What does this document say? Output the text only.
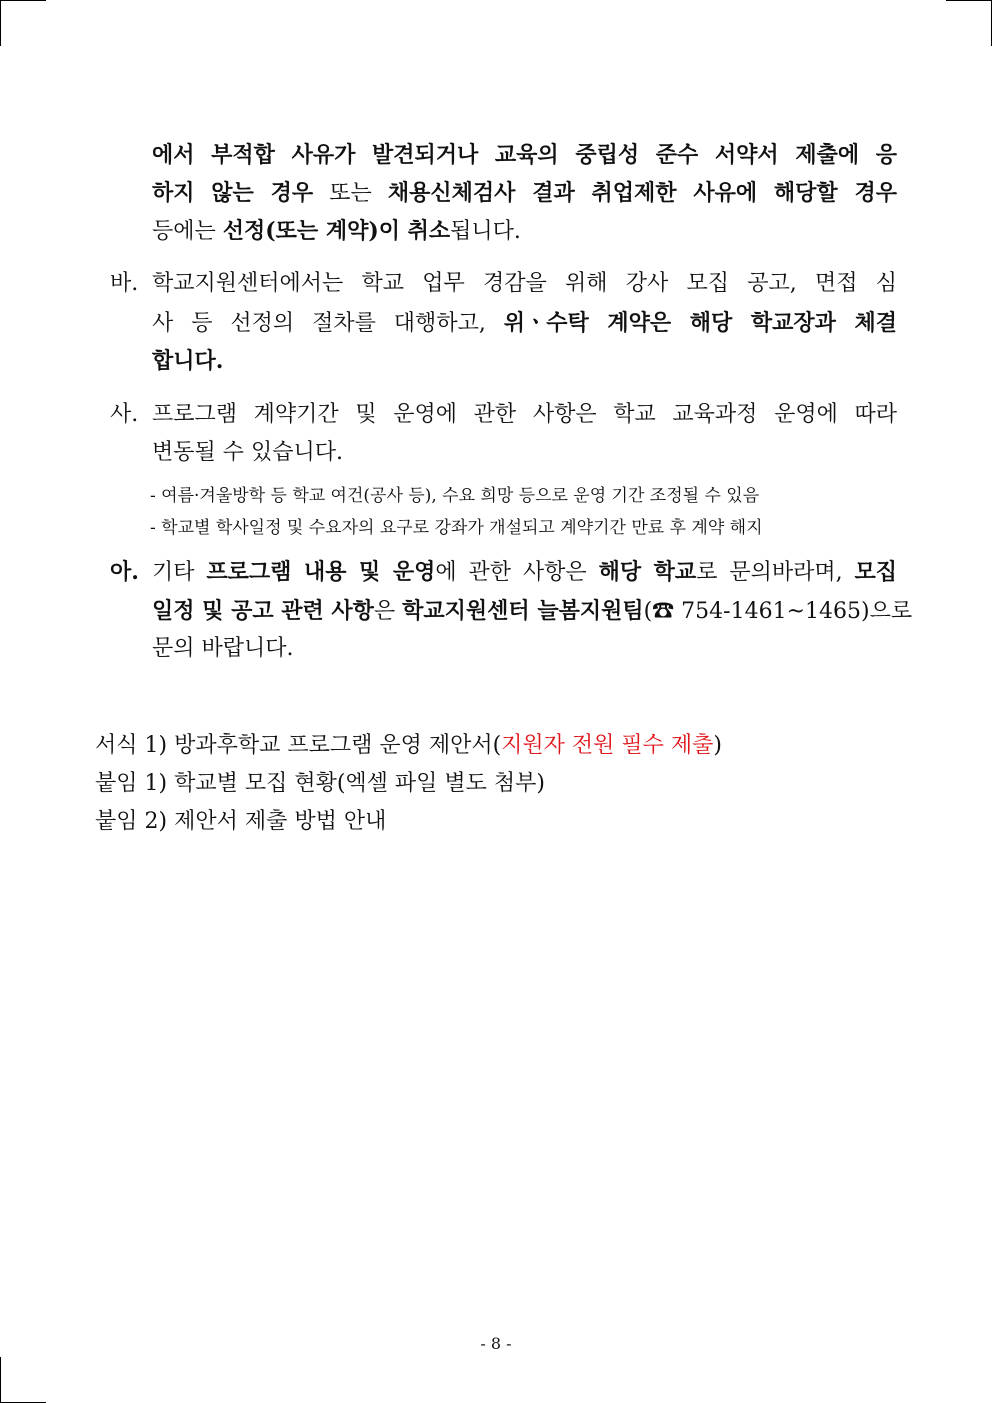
에서 부적합 사유가 발견되거나 교육의 중립성 준수 서약서 제출에 응
하지 않는 경우 또는 채용신체검사 결과 취업제한 사유에 해당할 경우
등에는 선정(또는 계약)이 취소됩니다.
바. 학교지원센터에서는 학교 업무 경감을 위해 강사 모집 공고, 면접 심
사 등 선정의 절차를 대행하고, 위ㆍ수탁 계약은 해당 학교장과 체결
합니다.
사. 프로그램 계약기간 및 운영에 관한 사항은 학교 교육과정 운영에 따라
변동될 수 있습니다.
- 여름·겨울방학 등 학교 여건(공사 등), 수요 희망 등으로 운영 기간 조정될 수 있음
- 학교별 학사일정 및 수요자의 요구로 강좌가 개설되고 계약기간 만료 후 계약 해지
아. 기타 프로그램 내용 및 운영에 관한 사항은 해당 학교로 문의바라며, 모집
일정 및 공고 관련 사항은 학교지원센터 늘봄지원팀(☎ 754-1461~1465)으로
문의 바랍니다.
서식 1) 방과후학교 프로그램 운영 제안서(지원자 전원 필수 제출)
붙임 1) 학교별 모집 현황(엑셀 파일 별도 첨부)
붙임 2) 제안서 제출 방법 안내
- 8 -
